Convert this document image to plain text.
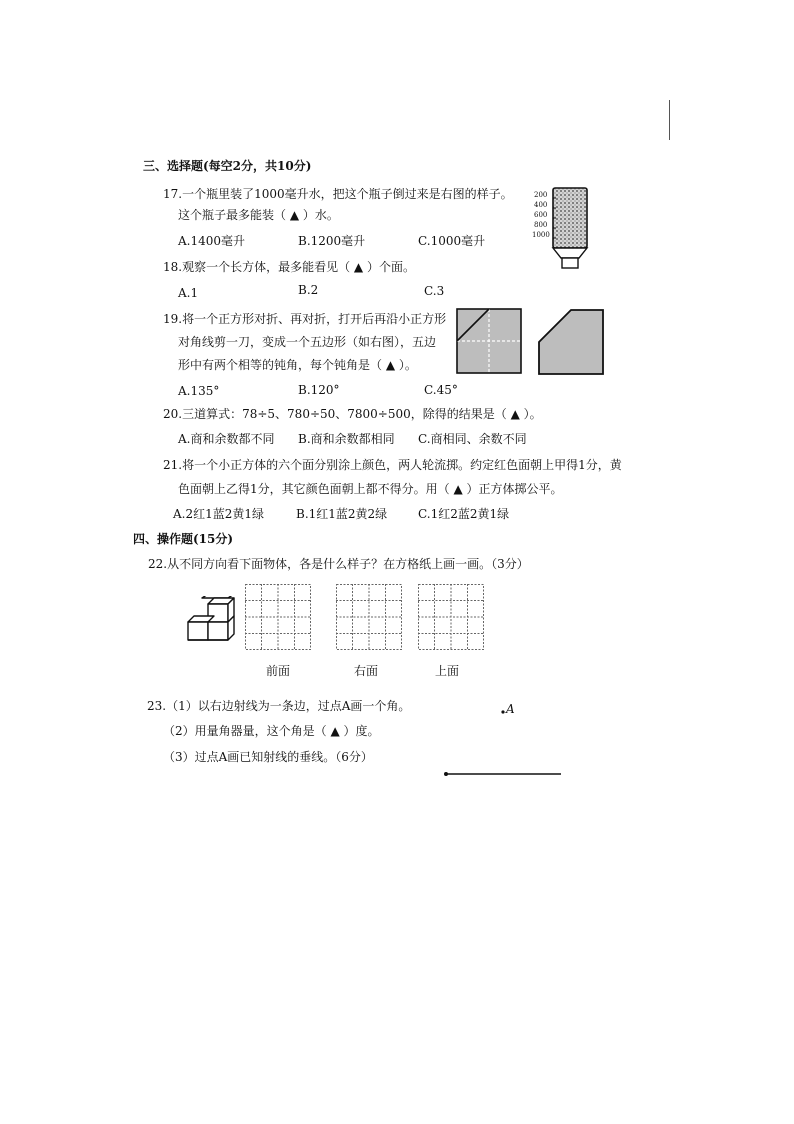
三、选择题(每空2分，共10分)
17.一个瓶里装了1000毫升水，把这个瓶子倒过来是右图的样子。
这个瓶子最多能装（ ▲ ）水。
A.1400毫升	B.1200毫升	C.1000毫升
200
400
600
800
1000
18.观察一个长方体，最多能看见（ ▲ ）个面。
A.1	B.2	C.3
19.将一个正方形对折、再对折，打开后再沿小正方形
对角线剪一刀，变成一个五边形（如右图），五边
形中有两个相等的钝角，每个钝角是（ ▲ ）。
A.135°	B.120°	C.45°
20.三道算式：78÷5、780÷50、7800÷500，除得的结果是（ ▲ ）。
A.商和余数都不同 B.商和余数都相同 C.商相同、余数不同
21.将一个小正方体的六个面分别涂上颜色，两人轮流掷。约定红色面朝上甲得1分，黄
色面朝上乙得1分，其它颜色面朝上都不得分。用（ ▲ ）正方体掷公平。
A.2红1蓝2黄1绿	B.1红1蓝2黄2绿	C.1红2蓝2黄1绿
四、操作题(15分)
22.从不同方向看下面物体，各是什么样子？在方格纸上画一画。（3分）
前面	右面	上面
23.（1）以右边射线为一条边，过点A画一个角。
（2）用量角器量，这个角是（ ▲ ）度。
（3）过点A画已知射线的垂线。（6分）
A
